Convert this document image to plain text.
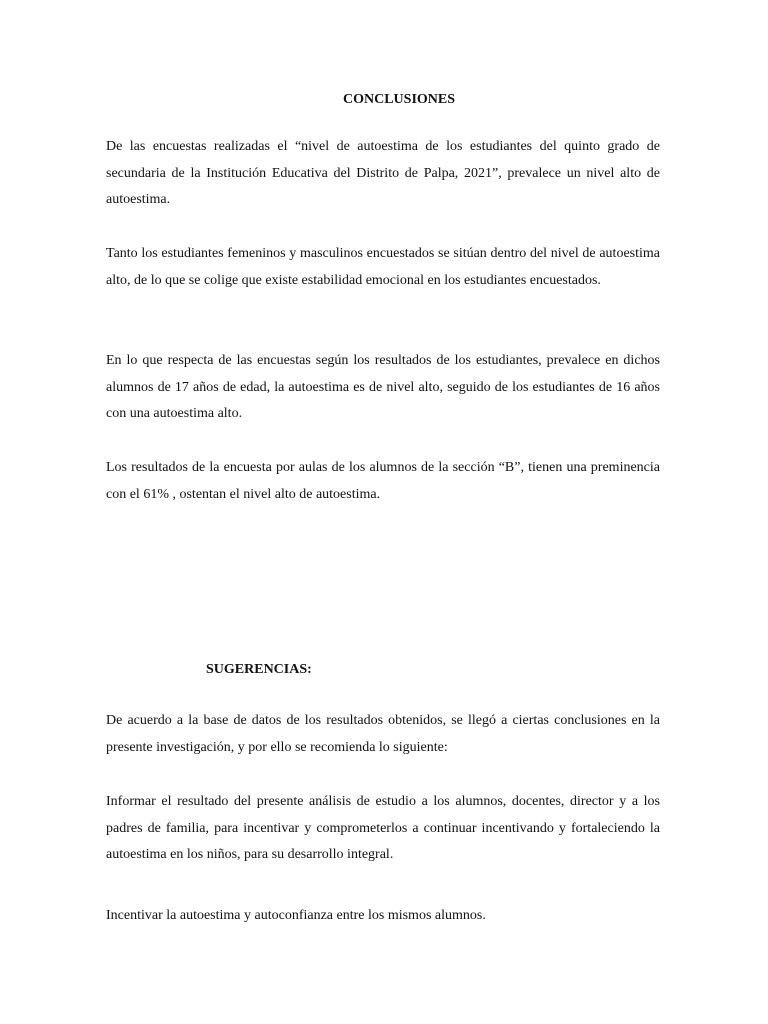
CONCLUSIONES

De las encuestas realizadas el “nivel de autoestima de los estudiantes del quinto grado de secundaria de la Institución Educativa del Distrito de Palpa, 2021”, prevalece un nivel alto de autoestima.

Tanto los estudiantes femeninos y masculinos encuestados se sitúan dentro del nivel de autoestima alto, de lo que se colige que existe estabilidad emocional en los estudiantes encuestados.

En lo que respecta de las encuestas según los resultados de los estudiantes, prevalece en dichos alumnos de 17 años de edad, la autoestima es de nivel alto, seguido de los estudiantes de 16 años con una autoestima alto.

Los resultados de la encuesta por aulas de los alumnos de la sección “B”, tienen una preminencia con el 61% , ostentan el nivel alto de autoestima.

SUGERENCIAS:

De acuerdo a la base de datos de los resultados obtenidos, se llegó a ciertas conclusiones en la presente investigación, y por ello se recomienda lo siguiente:

Informar el resultado del presente análisis de estudio a los alumnos, docentes, director y a los padres de familia, para incentivar y comprometerlos a continuar incentivando y fortaleciendo la autoestima en los niños, para su desarrollo integral.

Incentivar la autoestima y autoconfianza entre los mismos alumnos.
